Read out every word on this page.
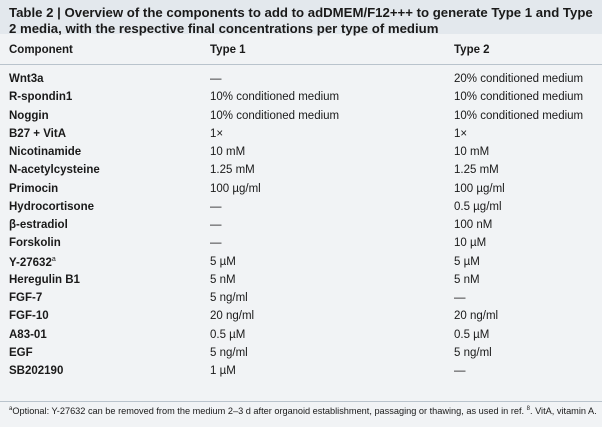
Table 2 | Overview of the components to add to adDMEM/F12+++ to generate Type 1 and Type 2 media, with the respective final concentrations per type of medium
Component	Type 1	Type 2
Wnt3a	—	20% conditioned medium
R-spondin1	10% conditioned medium	10% conditioned medium
Noggin	10% conditioned medium	10% conditioned medium
B27 + VitA	1×	1×
Nicotinamide	10 mM	10 mM
N-acetylcysteine	1.25 mM	1.25 mM
Primocin	100 µg/ml	100 µg/ml
Hydrocortisone	—	0.5 µg/ml
β-estradiol	—	100 nM
Forskolin	—	10 µM
Y-27632$^a$	5 µM	5 µM
Heregulin B1	5 nM	5 nM
FGF-7	5 ng/ml	—
FGF-10	20 ng/ml	20 ng/ml
A83-01	0.5 µM	0.5 µM
EGF	5 ng/ml	5 ng/ml
SB202190	1 µM	—
$^a$Optional: Y-27632 can be removed from the medium 2–3 d after organoid establishment, passaging or thawing, as used in ref. $^8$. VitA, vitamin A.
